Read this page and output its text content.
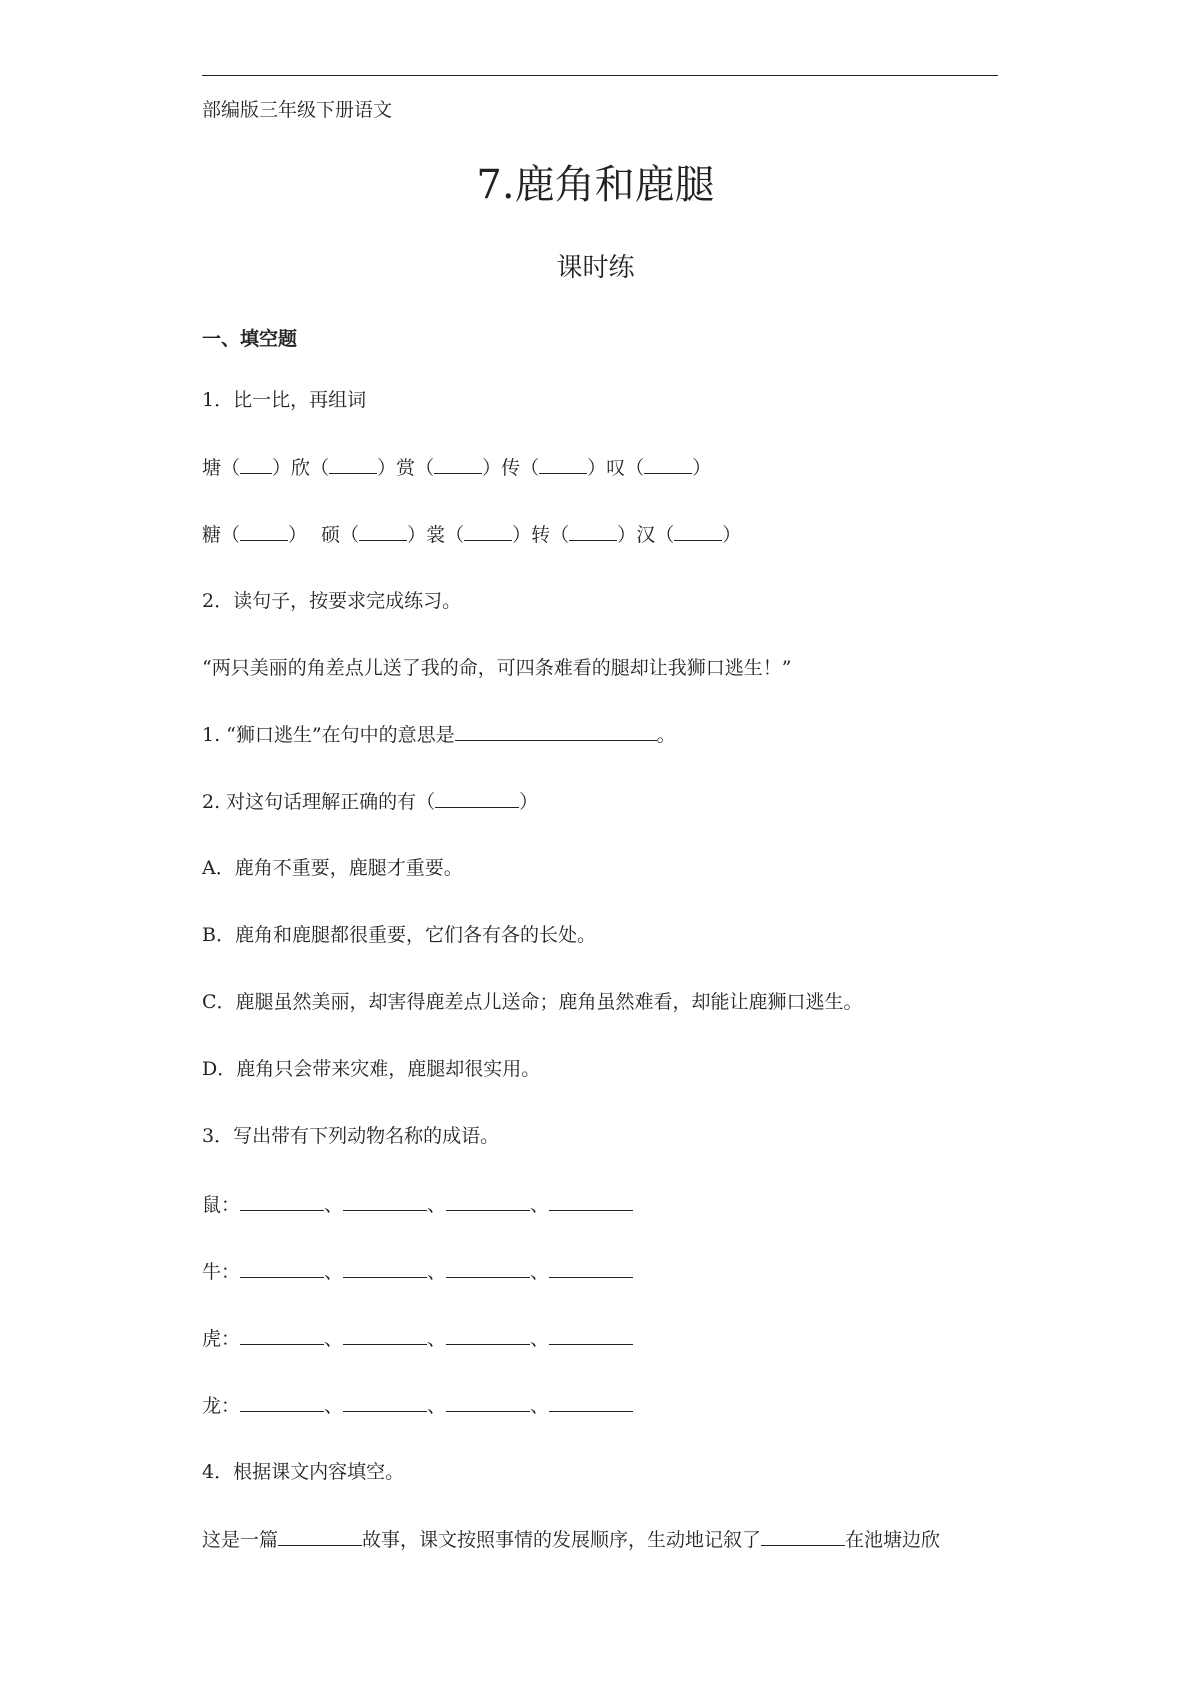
部编版三年级下册语文
7.鹿角和鹿腿
课时练
一、填空题
1．比一比，再组词
塘（ ）欣（	）赏（	）传（	）叹（	）
糖（	） 硕（	）裳（	）转（	）汉（	）
2．读句子，按要求完成练习。
“两只美丽的角差点儿送了我的命，可四条难看的腿却让我狮口逃生！”
1. “狮口逃生”在句中的意思是	。
2. 对这句话理解正确的有（	）
A．鹿角不重要，鹿腿才重要。
B．鹿角和鹿腿都很重要，它们各有各的长处。
C．鹿腿虽然美丽，却害得鹿差点儿送命；鹿角虽然难看，却能让鹿狮口逃生。
D．鹿角只会带来灾难，鹿腿却很实用。
3．写出带有下列动物名称的成语。
鼠：	、	、	、
牛：	、	、	、
虎：	、	、	、
龙：	、	、	、
4．根据课文内容填空。
这是一篇	故事，课文按照事情的发展顺序，生动地记叙了	在池塘边欣
